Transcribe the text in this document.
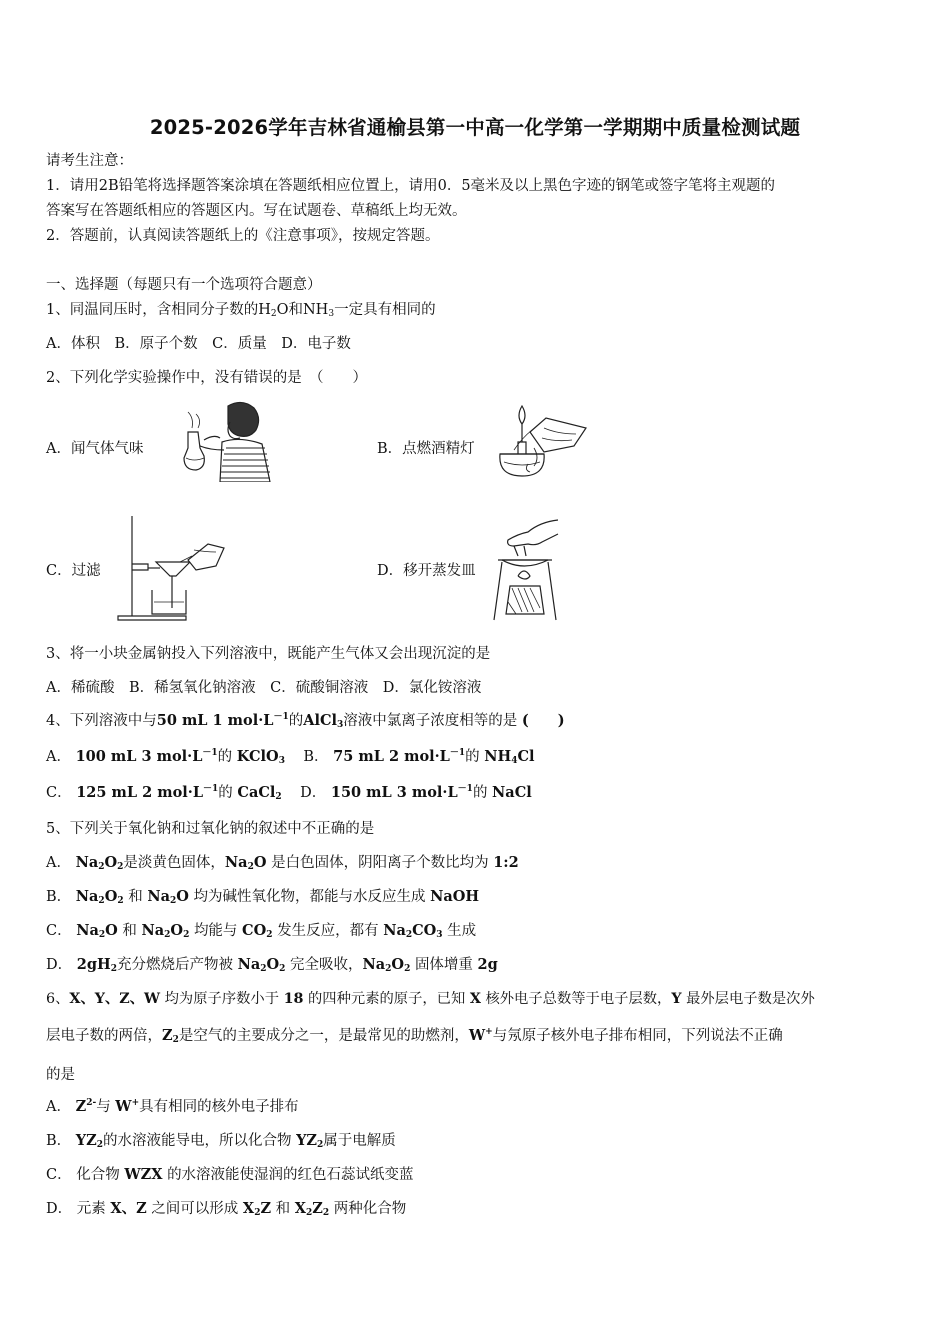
2025-2026学年吉林省通榆县第一中高一化学第一学期期中质量检测试题
请考生注意：
1．请用2B铅笔将选择题答案涂填在答题纸相应位置上，请用0．5毫米及以上黑色字迹的钢笔或签字笔将主观题的
答案写在答题纸相应的答题区内。写在试题卷、草稿纸上均无效。
2．答题前，认真阅读答题纸上的《注意事项》，按规定答题。
一、选择题（每题只有一个选项符合题意）
1、同温同压时，含相同分子数的$H_2O$和$NH_3$一定具有相同的
A．体积　B．原子个数　C．质量　D．电子数
2、下列化学实验操作中，没有错误的是　（　　）
A．闻气体气味	B．点燃酒精灯
C．过滤	D．移开蒸发皿
3、将一小块金属钠投入下列溶液中，既能产生气体又会出现沉淀的是
A．稀硫酸　B．稀氢氧化钠溶液　C．硫酸铜溶液　D．氯化铵溶液
4、下列溶液中与50 mL 1 $mol\cdot L^{-1}$的AlCl$_3$溶液中氯离子浓度相等的是 (　　)
A． 100 mL 3 $mol\cdot L^{-1}$的 KClO$_3$ B． 75 mL 2 $mol\cdot L^{-1}$的 $NH_4Cl$
C． 125 mL 2 $mol\cdot L^{-1}$的 CaCl$_2$ D． 150 mL 3 $mol\cdot L^{-1}$的 NaCl
5、下列关于氧化钠和过氧化钠的叙述中不正确的是
A． $Na_2O_2$是淡黄色固体，$Na_2O$ 是白色固体，阴阳离子个数比均为 1:2
B． $Na_2O_2$ 和 $Na_2O$ 均为碱性氧化物，都能与水反应生成 NaOH
C． $Na_2O$ 和 $Na_2O_2$ 均能与 $CO_2$ 发生反应，都有 $Na_2CO_3$ 生成
D． $2gH_2$充分燃烧后产物被 $Na_2O_2$ 完全吸收，$Na_2O_2$ 固体增重 2g
6、X、Y、Z、W 均为原子序数小于 18 的四种元素的原子，已知 X 核外电子总数等于电子层数，Y 最外层电子数是次外
层电子数的两倍，$Z_2$是空气的主要成分之一，是最常见的助燃剂，W+与氖原子核外电子排布相同，下列说法不正确
的是
A． $Z^{2-}$与 W+具有相同的核外电子排布
B． $YZ_2$的水溶液能导电，所以化合物 $YZ_2$属于电解质
C． 化合物 WZX 的水溶液能使湿润的红色石蕊试纸变蓝
D． 元素 X、Z 之间可以形成 $X_2Z$ 和 $X_2Z_2$ 两种化合物
